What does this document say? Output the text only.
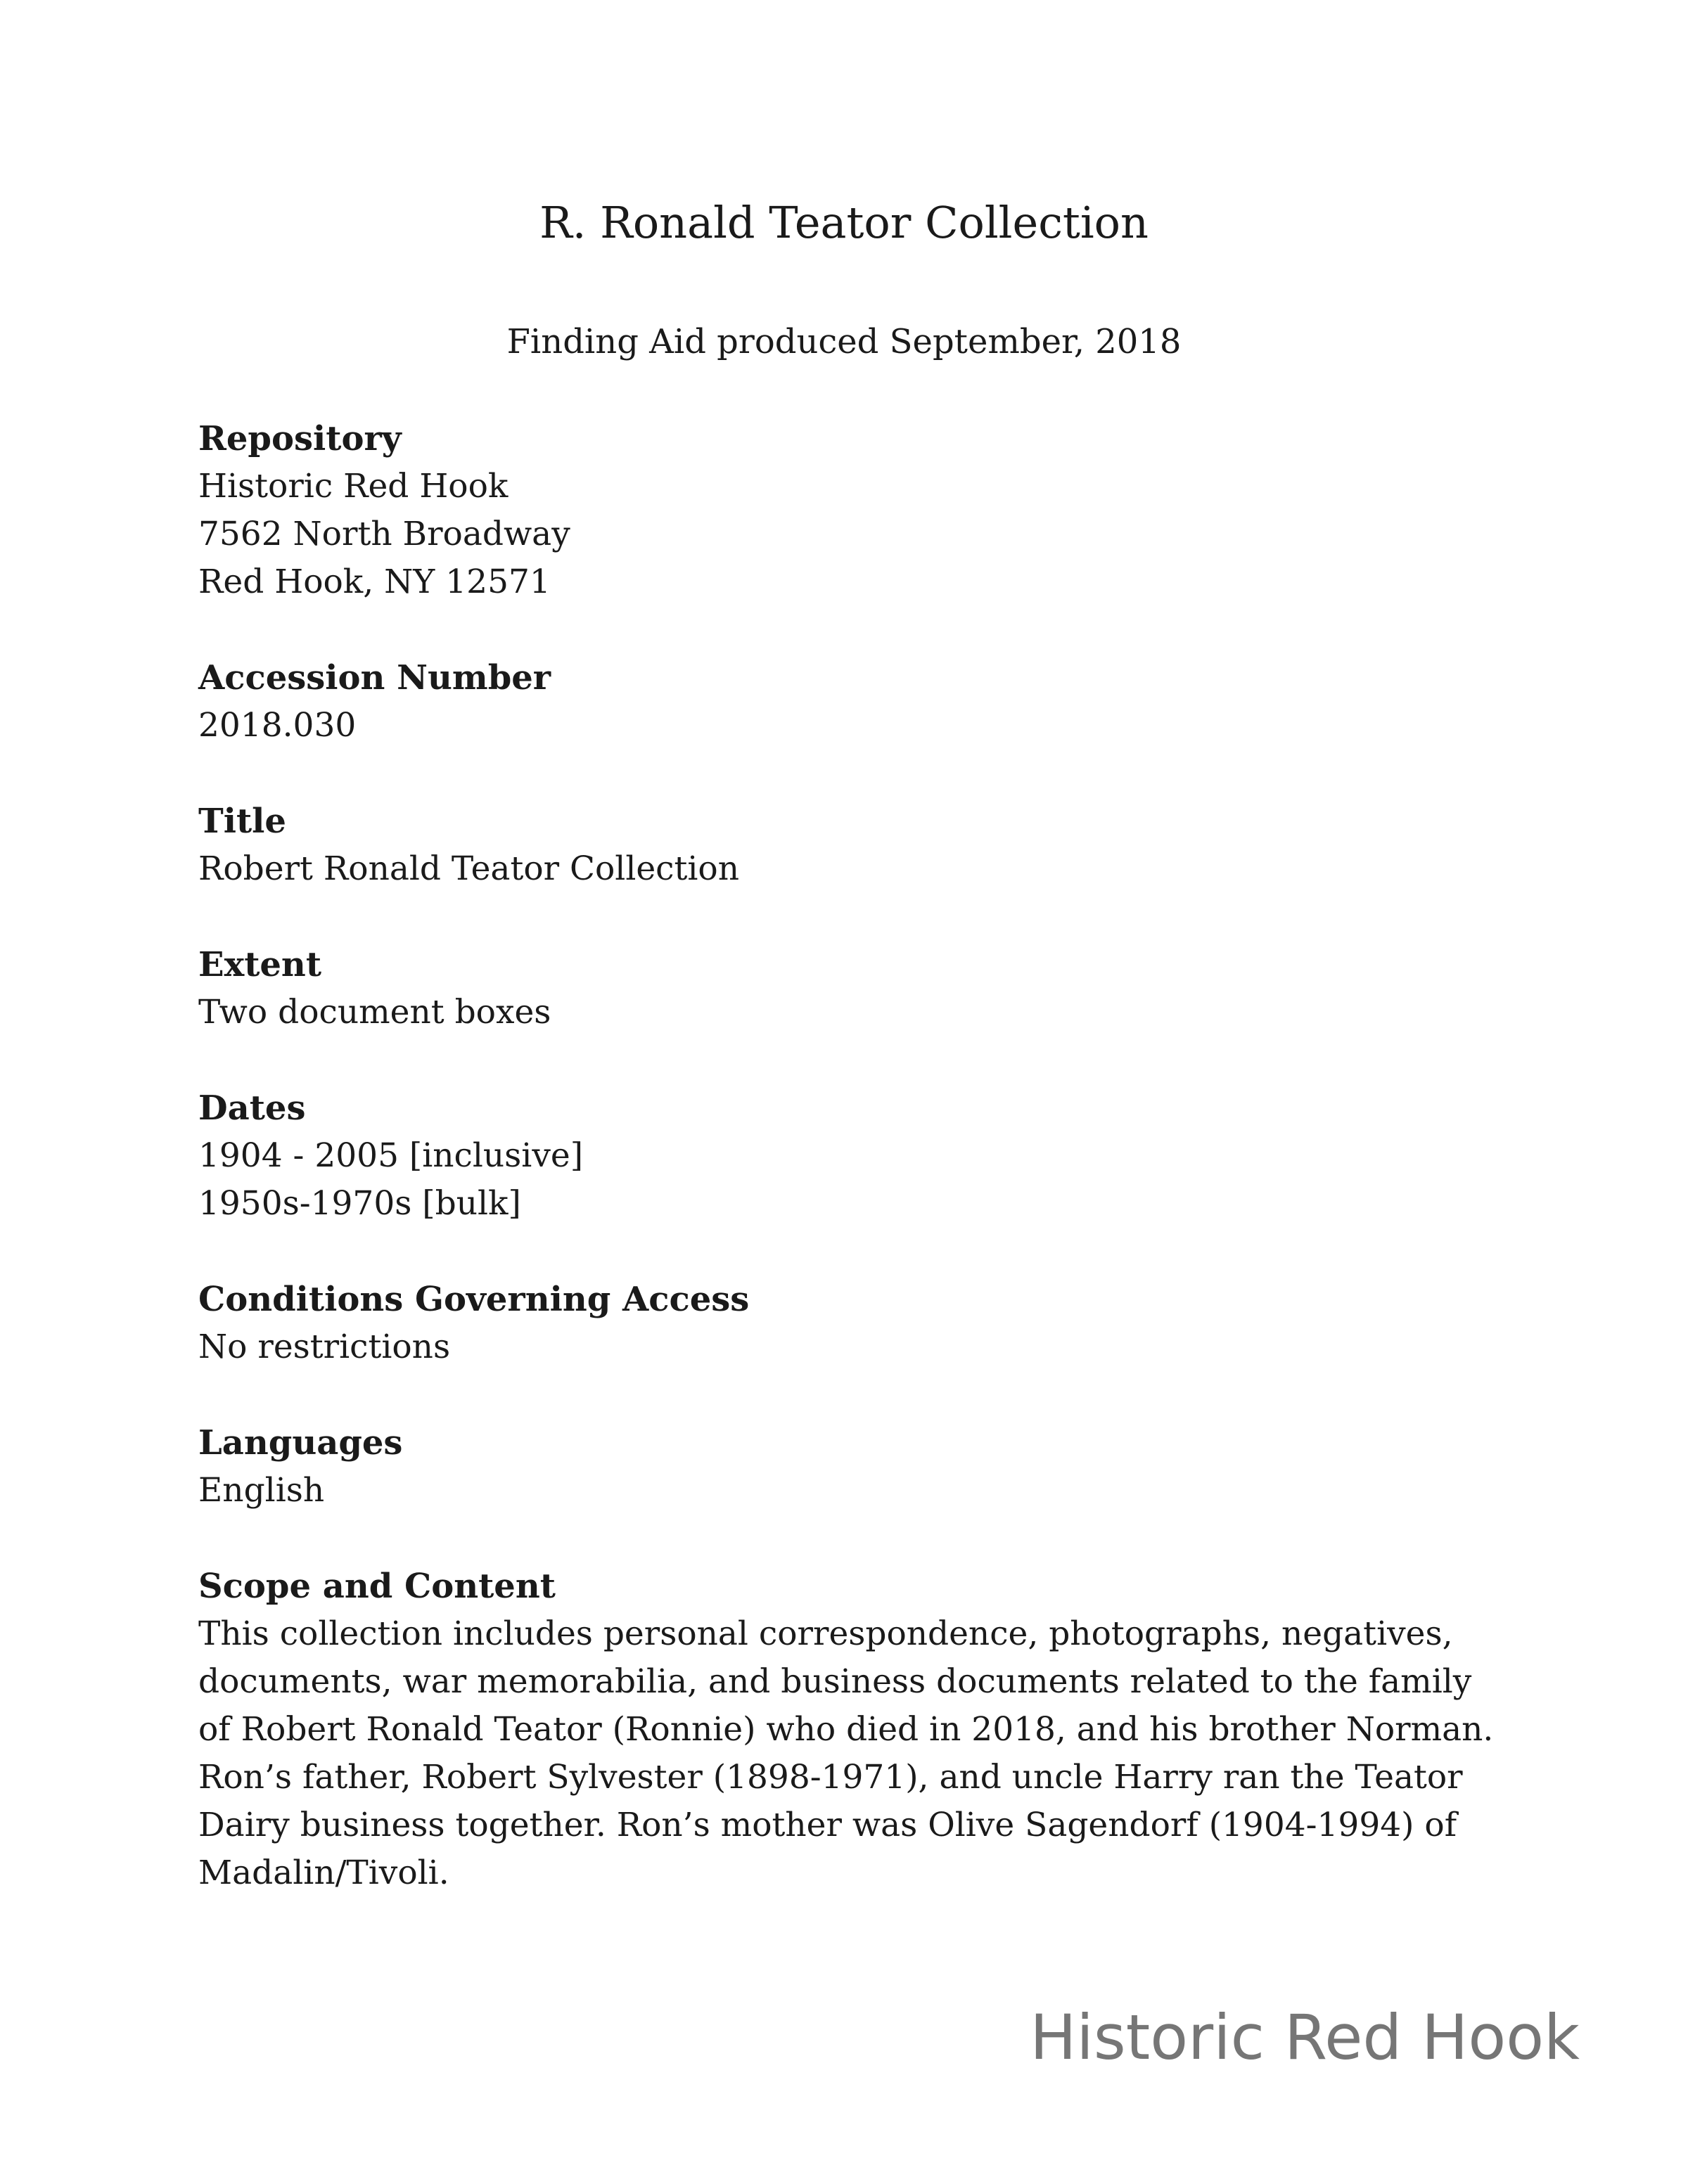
R. Ronald Teator Collection

Finding Aid produced September, 2018

Repository

Historic Red Hook

7562 North Broadway

Red Hook, NY 12571

Accession Number

2018.030

Title

Robert Ronald Teator Collection

Extent

Two document boxes

Dates

1904 - 2005 [inclusive]

1950s-1970s [bulk]

Conditions Governing Access

No restrictions

Languages

English

Scope and Content

This collection includes personal correspondence, photographs, negatives, documents, war memorabilia, and business documents related to the family of Robert Ronald Teator (Ronnie) who died in 2018, and his brother Norman. Ron’s father, Robert Sylvester (1898-1971), and uncle Harry ran the Teator Dairy business together. Ron’s mother was Olive Sagendorf (1904-1994) of Madalin/Tivoli.

Historic Red Hook
